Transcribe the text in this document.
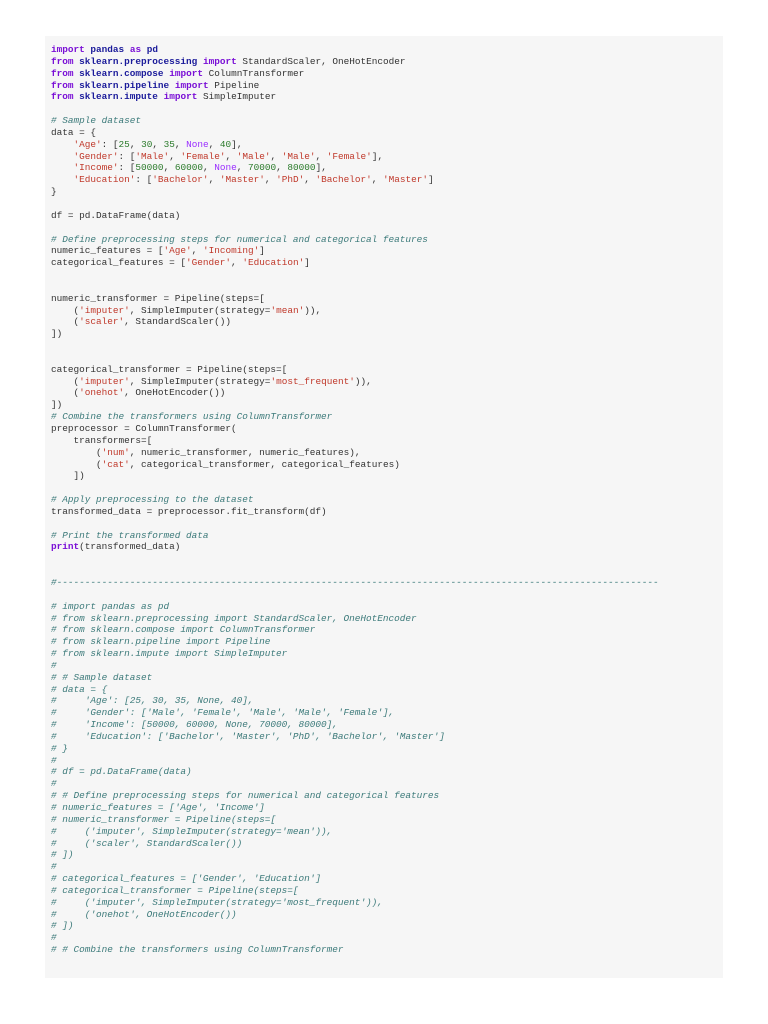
import pandas as pd
from sklearn.preprocessing import StandardScaler, OneHotEncoder
from sklearn.compose import ColumnTransformer
from sklearn.pipeline import Pipeline
from sklearn.impute import SimpleImputer
# Sample dataset
data = {
'Age': [25, 30, 35, None, 40],
'Gender': ['Male', 'Female', 'Male', 'Male', 'Female'],
'Income': [50000, 60000, None, 70000, 80000],
'Education': ['Bachelor', 'Master', 'PhD', 'Bachelor', 'Master']
}
df = pd.DataFrame(data)
# Define preprocessing steps for numerical and categorical features
numeric_features = ['Age', 'Incoming']
categorical_features = ['Gender', 'Education']
numeric_transformer = Pipeline(steps=[
('imputer', SimpleImputer(strategy='mean')),
('scaler', StandardScaler())
])
categorical_transformer = Pipeline(steps=[
('imputer', SimpleImputer(strategy='most_frequent')),
('onehot', OneHotEncoder())
])
# Combine the transformers using ColumnTransformer
preprocessor = ColumnTransformer(
transformers=[
('num', numeric_transformer, numeric_features),
('cat', categorical_transformer, categorical_features)
])
# Apply preprocessing to the dataset
transformed_data = preprocessor.fit_transform(df)
# Print the transformed data
print(transformed_data)
#-----------------------------------------------------------------------------------------------------------
# import pandas as pd
# from sklearn.preprocessing import StandardScaler, OneHotEncoder
# from sklearn.compose import ColumnTransformer
# from sklearn.pipeline import Pipeline
# from sklearn.impute import SimpleImputer
#
# # Sample dataset
# data = {
#     'Age': [25, 30, 35, None, 40],
#     'Gender': ['Male', 'Female', 'Male', 'Male', 'Female'],
#     'Income': [50000, 60000, None, 70000, 80000],
#     'Education': ['Bachelor', 'Master', 'PhD', 'Bachelor', 'Master']
# }
#
# df = pd.DataFrame(data)
#
# # Define preprocessing steps for numerical and categorical features
# numeric_features = ['Age', 'Income']
# numeric_transformer = Pipeline(steps=[
#     ('imputer', SimpleImputer(strategy='mean')),
#     ('scaler', StandardScaler())
# ])
#
# categorical_features = ['Gender', 'Education']
# categorical_transformer = Pipeline(steps=[
#     ('imputer', SimpleImputer(strategy='most_frequent')),
#     ('onehot', OneHotEncoder())
# ])
#
# # Combine the transformers using ColumnTransformer
